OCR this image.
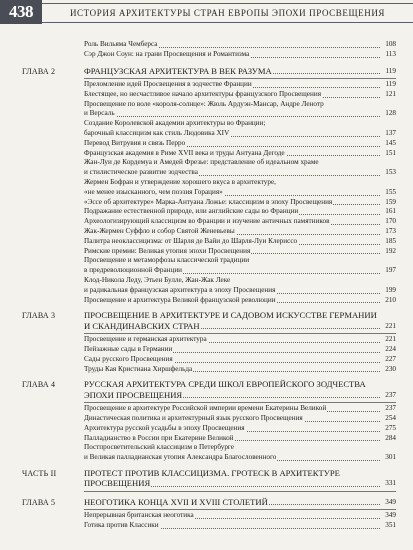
438	ИСТОРИЯ АРХИТЕКТУРЫ СТРАН ЕВРОПЫ ЭПОХИ ПРОСВЕЩЕНИЯ
Роль Вильяма Чемберса	108
Сэр Джон Соун: на грани Просвещения и Романтизма	113
ГЛАВА 2	ФРАНЦУЗСКАЯ АРХИТЕКТУРА В ВЕК РАЗУМА	119
Преломление идей Просвещения в зодчестве Франции	119
Блестящее, но несчастливое начало архитектуры французского Просвещения	121
Просвещение по воле «короля-солнце»: Жюль Ардуэн-Мансар, Андре Ленотр
и Версаль	128
Создание Королевской академии архитектуры во Франции;
барочный классицизм как стиль Людовика XIV	137
Перевод Витрувия и связь Перро	145
Французская академия в Риме XVII века и труды Антуана Дегоде	151
Жан-Луи де Кордемуа и Амедей Фрезье: представление об идеальном храме
и стилистическое развитие зодчества	153
Жермен Бофран и утверждение хорошего вкуса в архитектуре,
«не менее изысканного, чем поэзия Горация»	155
«Эссе об архитектуре» Марка-Антуана Ложье: классицизм в эпоху Просвещения	159
Подражание естественной природе, или английские сады во Франции	161
Археологизирующий классицизм во Франции и изучение античных памятников	170
Жак-Жермен Суффло и собор Святой Женевьевы	173
Палитра неоклассицизма: от Шарля де Вайи до Шарля-Луи Клериссо	185
Римские премии: Великая утопия эпохи Просвещения	192
Просвещение и метаморфозы классической традиции
в предреволюционной Франции	197
Клод-Никола Леду, Этьен Булле, Жан-Жак Леке
и радикальная французская архитектура в эпоху Просвещения	199
Просвещение и архитектура Великой французской революции	210
ГЛАВА 3	ПРОСВЕЩЕНИЕ В АРХИТЕКТУРЕ И САДОВОМ ИСКУССТВЕ ГЕРМАНИИ И СКАНДИНАВСКИХ СТРАН	221
Просвещение и германская архитектура	221
Пейзажные сады в Германии	224
Сады русского Просвещения	227
Труды Кая Кристиана Хиршфельда	230
ГЛАВА 4	РУССКАЯ АРХИТЕКТУРА СРЕДИ ШКОЛ ЕВРОПЕЙСКОГО ЗОДЧЕСТВА ЭПОХИ ПРОСВЕЩЕНИЯ	237
Просвещение в архитектуре Российской империи времени Екатерины Великой	237
Династическая политика и архитектурный язык русского Просвещения	254
Архитектура русской усадьбы в эпоху Просвещения	275
Палладианство в России при Екатерине Великой	284
Постпросветительский классицизм в Петербурге
и Великая палладианская утопия Александра Благословенного	301
ЧАСТЬ II	ПРОТЕСТ ПРОТИВ КЛАССИЦИЗМА. ГРОТЕСК В АРХИТЕКТУРЕ ПРОСВЕЩЕНИЯ	331
ГЛАВА 5	НЕОГОТИКА КОНЦА XVII И XVIII СТОЛЕТИЙ	349
Непрерывная британская неоготика	349
Готика против Классики	351
